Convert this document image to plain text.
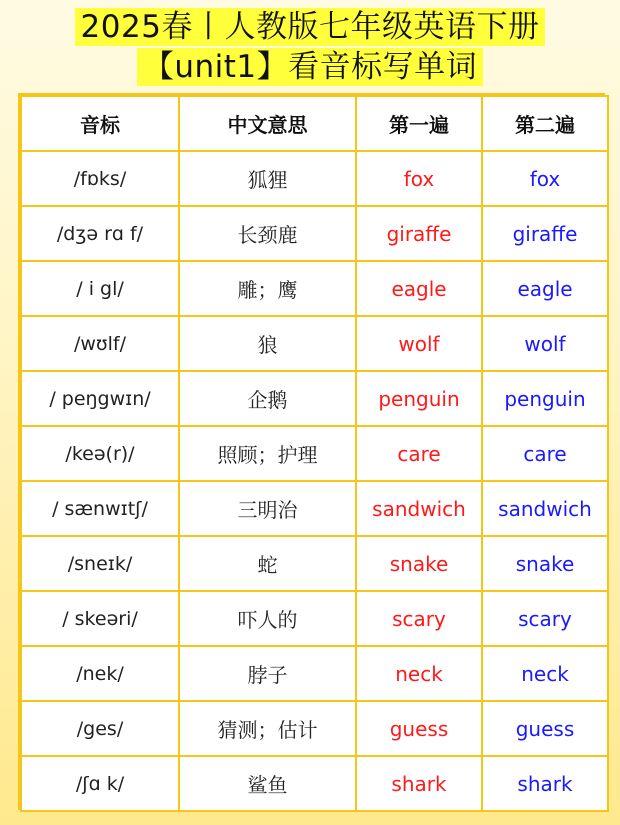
2025春丨人教版七年级英语下册
【unit1】看音标写单词
音标	中文意思	第一遍	第二遍
/fɒks/	狐狸	fox	fox
/dʒə rɑ f/	长颈鹿	giraffe	giraffe
/ i gl/	雕；鹰	eagle	eagle
/wʊlf/	狼	wolf	wolf
/ peŋgwɪn/	企鹅	penguin	penguin
/keə(r)/	照顾；护理	care	care
/ sænwɪtʃ/	三明治	sandwich	sandwich
/sneɪk/	蛇	snake	snake
/ skeəri/	吓人的	scary	scary
/nek/	脖子	neck	neck
/ges/	猜测；估计	guess	guess
/ʃɑ k/	鲨鱼	shark	shark
